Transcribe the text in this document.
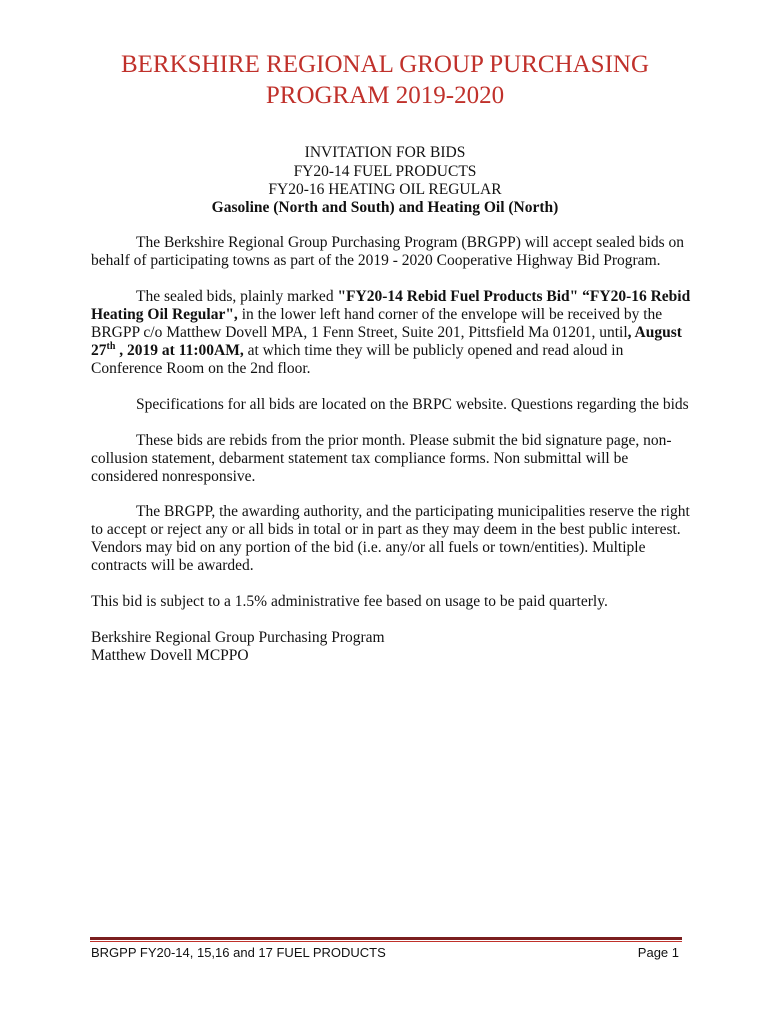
BERKSHIRE REGIONAL GROUP PURCHASING
PROGRAM 2019-2020
INVITATION FOR BIDS
FY20-14 FUEL PRODUCTS
FY20-16 HEATING OIL REGULAR
Gasoline (North and South) and Heating Oil (North)
The Berkshire Regional Group Purchasing Program (BRGPP) will accept sealed bids on
behalf of participating towns as part of the 2019 - 2020 Cooperative Highway Bid Program.
The sealed bids, plainly marked "FY20-14 Rebid Fuel Products Bid" “FY20-16 Rebid
Heating Oil Regular", in the lower left hand corner of the envelope will be received by the
BRGPP c/o Matthew Dovell MPA, 1 Fenn Street, Suite 201, Pittsfield Ma 01201, until, August
27th , 2019 at 11:00AM, at which time they will be publicly opened and read aloud in
Conference Room on the 2nd floor.
Specifications for all bids are located on the BRPC website. Questions regarding the bids
These bids are rebids from the prior month. Please submit the bid signature page, non-
collusion statement, debarment statement tax compliance forms. Non submittal will be
considered nonresponsive.
The BRGPP, the awarding authority, and the participating municipalities reserve the right
to accept or reject any or all bids in total or in part as they may deem in the best public interest.
Vendors may bid on any portion of the bid (i.e. any/or all fuels or town/entities). Multiple
contracts will be awarded.
This bid is subject to a 1.5% administrative fee based on usage to be paid quarterly.
Berkshire Regional Group Purchasing Program
Matthew Dovell MCPPO
BRGPP FY20-14, 15,16 and 17 FUEL PRODUCTS	Page 1
